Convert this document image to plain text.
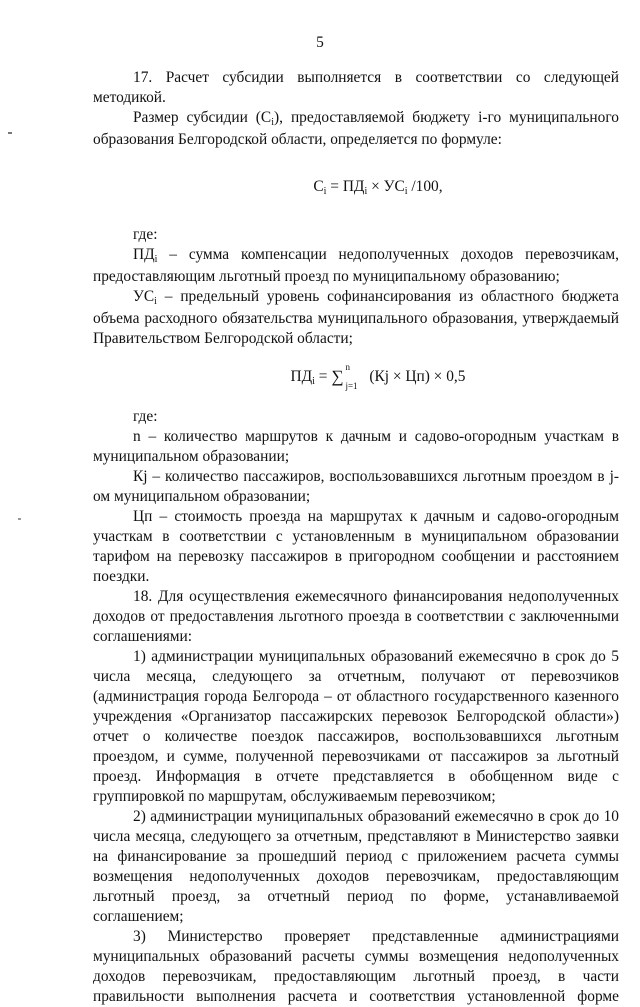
5

17. Расчет субсидии выполняется в соответствии со следующей методикой.

Размер субсидии (Сi), предоставляемой бюджету i-го муниципального образования Белгородской области, определяется по формуле:

Сi = ПДi × УСi /100,

где:

ПДi – сумма компенсации недополученных доходов перевозчикам, предоставляющим льготный проезд по муниципальному образованию;

УСi – предельный уровень софинансирования из областного бюджета объема расходного обязательства муниципального образования, утверждаемый Правительством Белгородской области;

ПДi = ∑ n
j=1
(Кj × Цп) × 0,5

где:

n – количество маршрутов к дачным и садово-огородным участкам в муниципальном образовании;

Кj – количество пассажиров, воспользовавшихся льготным проездом в j-ом муниципальном образовании;

Цп – стоимость проезда на маршрутах к дачным и садово-огородным участкам в соответствии с установленным в муниципальном образовании тарифом на перевозку пассажиров в пригородном сообщении и расстоянием поездки.

18. Для осуществления ежемесячного финансирования недополученных доходов от предоставления льготного проезда в соответствии с заключенными соглашениями:

1) администрации муниципальных образований ежемесячно в срок до 5 числа месяца, следующего за отчетным, получают от перевозчиков (администрация города Белгорода – от областного государственного казенного учреждения «Организатор пассажирских перевозок Белгородской области») отчет о количестве поездок пассажиров, воспользовавшихся льготным проездом, и сумме, полученной перевозчиками от пассажиров за льготный проезд. Информация в отчете представляется в обобщенном виде с группировкой по маршрутам, обслуживаемым перевозчиком;

2) администрации муниципальных образований ежемесячно в срок до 10 числа месяца, следующего за отчетным, представляют в Министерство заявки на финансирование за прошедший период с приложением расчета суммы возмещения недополученных доходов перевозчикам, предоставляющим льготный проезд, за отчетный период по форме, устанавливаемой соглашением;

3) Министерство проверяет представленные администрациями муниципальных образований расчеты суммы возмещения недополученных доходов перевозчикам, предоставляющим льготный проезд, в части правильности выполнения расчета и соответствия установленной форме
